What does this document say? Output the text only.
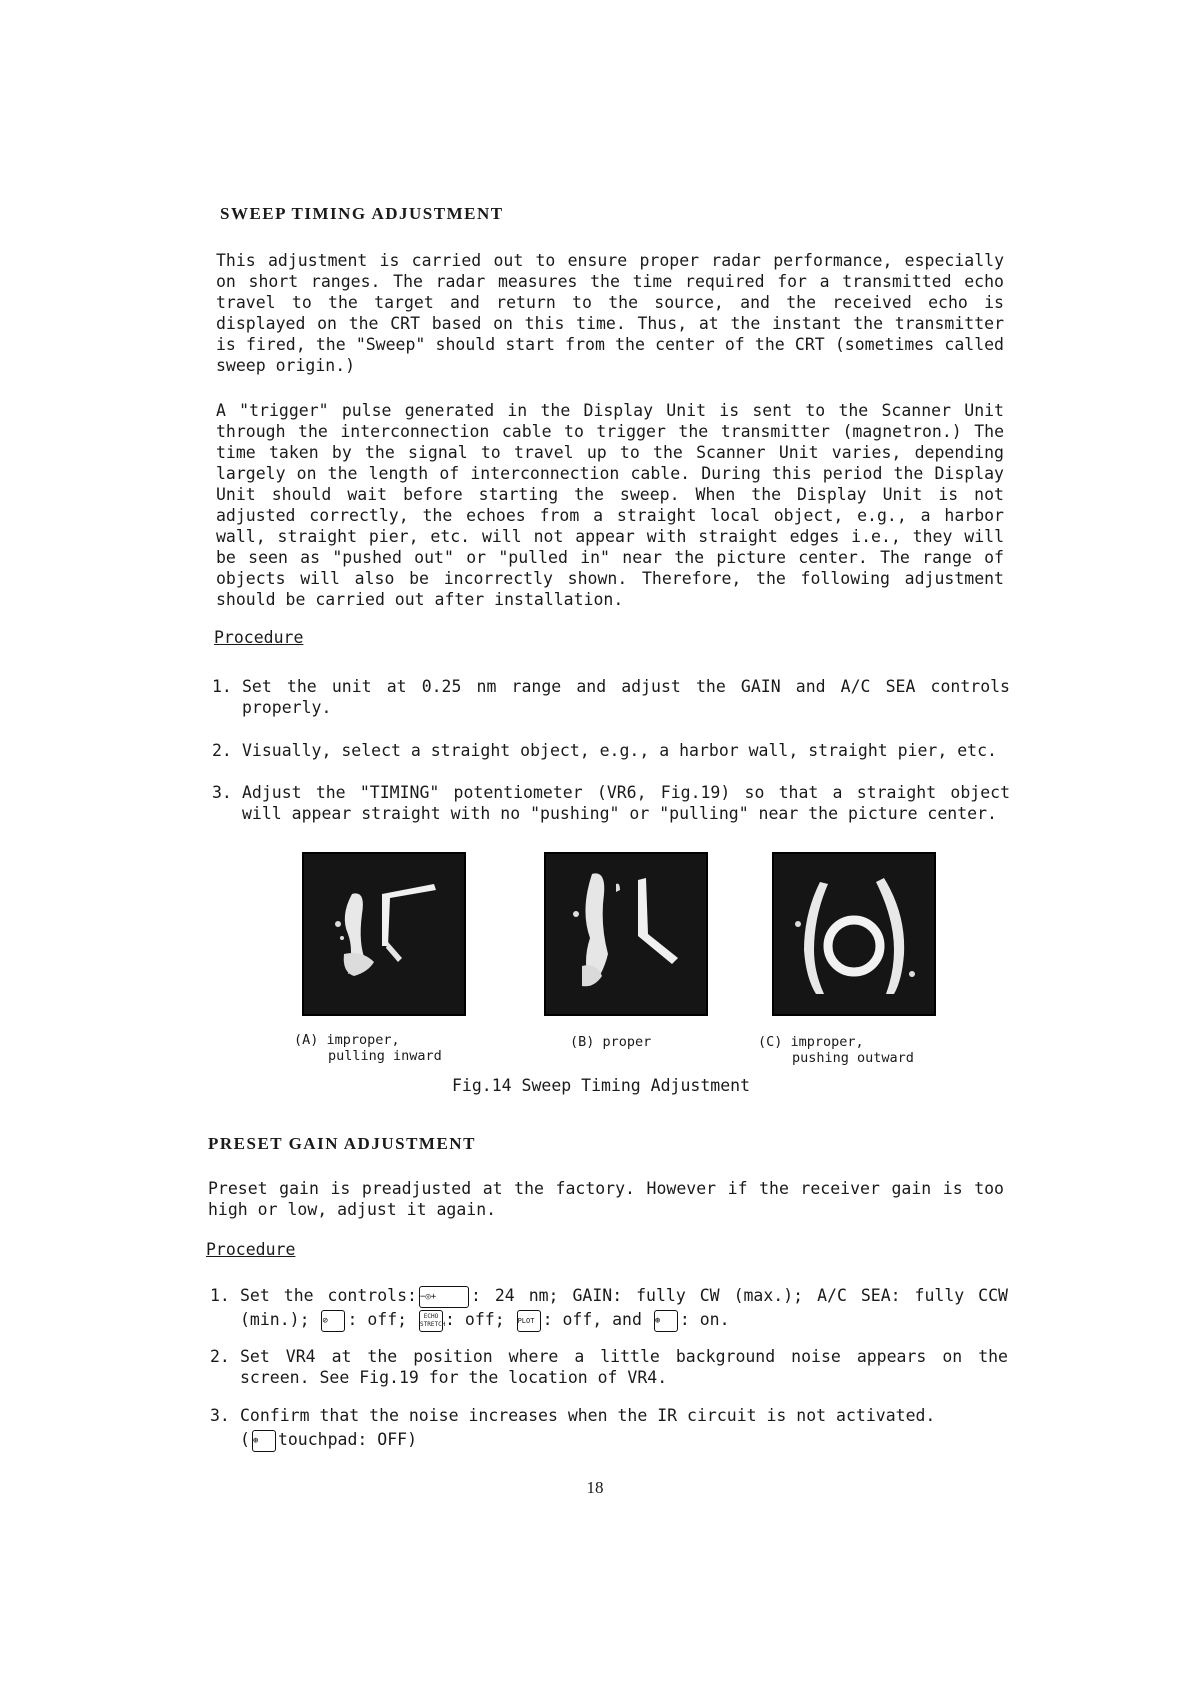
SWEEP TIMING ADJUSTMENT
This adjustment is carried out to ensure proper radar performance, especially on short ranges. The radar measures the time required for a transmitted echo travel to the target and return to the source, and the received echo is displayed on the CRT based on this time. Thus, at the instant the transmitter is fired, the "Sweep" should start from the center of the CRT (sometimes called sweep origin.)
A "trigger" pulse generated in the Display Unit is sent to the Scanner Unit through the interconnection cable to trigger the transmitter (magnetron.) The time taken by the signal to travel up to the Scanner Unit varies, depending largely on the length of interconnection cable. During this period the Display Unit should wait before starting the sweep. When the Display Unit is not adjusted correctly, the echoes from a straight local object, e.g., a harbor wall, straight pier, etc. will not appear with straight edges i.e., they will be seen as "pushed out" or "pulled in" near the picture center. The range of objects will also be incorrectly shown. Therefore, the following adjustment should be carried out after installation.
Procedure
1. Set the unit at 0.25 nm range and adjust the GAIN and A/C SEA controls properly.
2. Visually, select a straight object, e.g., a harbor wall, straight pier, etc.
3. Adjust the "TIMING" potentiometer (VR6, Fig.19) so that a straight object will appear straight with no "pushing" or "pulling" near the picture center.
(A) improper,
pulling inward
(B) proper	(C) improper,
pushing outward
Fig.14 Sweep Timing Adjustment
PRESET GAIN ADJUSTMENT
Preset gain is preadjusted at the factory. However if the receiver gain is too high or low, adjust it again.
Procedure
1. Set the controls: −◎+ : 24 nm; GAIN: fully CW (max.); A/C SEA: fully CCW (min.); ⊘ : off;	ECHO STRETCH: off; PLOT : off, and ⊛ : on.
2. Set VR4 at the position where a little background noise appears on the screen. See Fig.19 for the location of VR4.
3. Confirm that the noise increases when the IR circuit is not activated.
( ⊛ touchpad: OFF)
18
